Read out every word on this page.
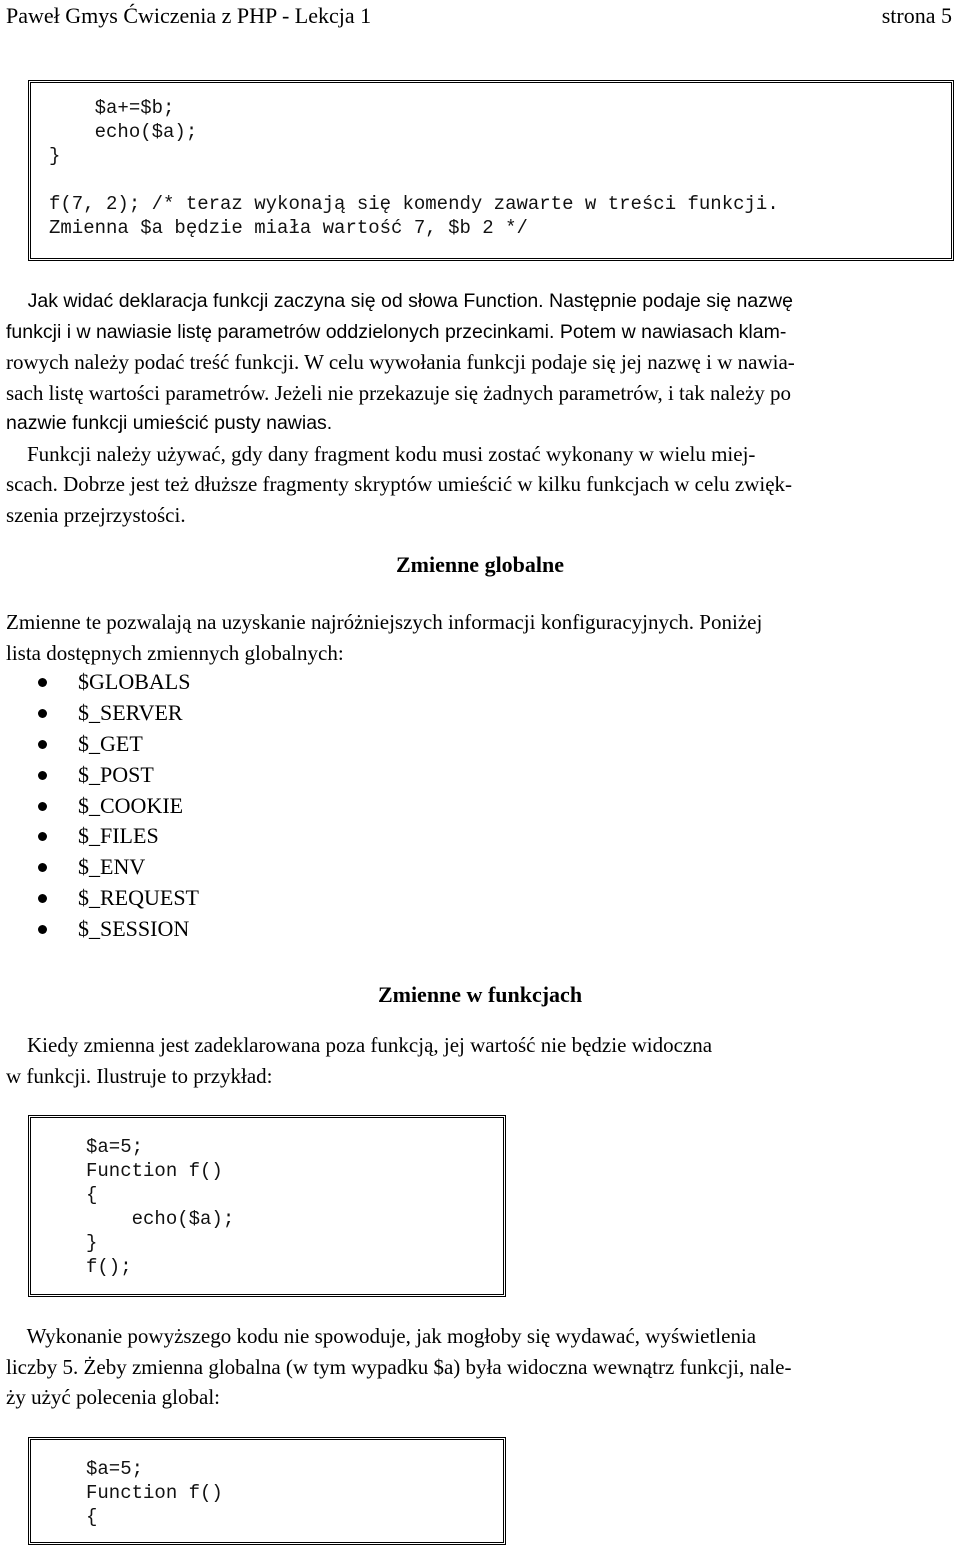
Paweł Gmys Ćwiczenia z PHP - Lekcja 1	strona 5
$a+=$b;
echo($a);
}
f(7, 2); /* teraz wykonają się komendy zawarte w treści funkcji.
Zmienna $a będzie miała wartość 7, $b 2 */
Jak widać deklaracja funkcji zaczyna się od słowa Function. Następnie podaje się nazwę
funkcji i w nawiasie listę parametrów oddzielonych przecinkami. Potem w nawiasach klam-
rowych należy podać treść funkcji. W celu wywołania funkcji podaje się jej nazwę i w nawia-
sach listę wartości parametrów. Jeżeli nie przekazuje się żadnych parametrów, i tak należy po
nazwie funkcji umieścić pusty nawias.
Funkcji należy używać, gdy dany fragment kodu musi zostać wykonany w wielu miej-
scach. Dobrze jest też dłuższe fragmenty skryptów umieścić w kilku funkcjach w celu zwięk-
szenia przejrzystości.
Zmienne globalne
Zmienne te pozwalają na uzyskanie najróżniejszych informacji konfiguracyjnych. Poniżej
lista dostępnych zmiennych globalnych:
$GLOBALS
$_SERVER
$_GET
$_POST
$_COOKIE
$_FILES
$_ENV
$_REQUEST
$_SESSION
Zmienne w funkcjach
Kiedy zmienna jest zadeklarowana poza funkcją, jej wartość nie będzie widoczna
w funkcji. Ilustruje to przykład:
$a=5;
Function f()
{
echo($a);
}
f();
Wykonanie powyższego kodu nie spowoduje, jak mogłoby się wydawać, wyświetlenia
liczby 5. Żeby zmienna globalna (w tym wypadku $a) była widoczna wewnątrz funkcji, nale-
ży użyć polecenia global:
$a=5;
Function f()
{
